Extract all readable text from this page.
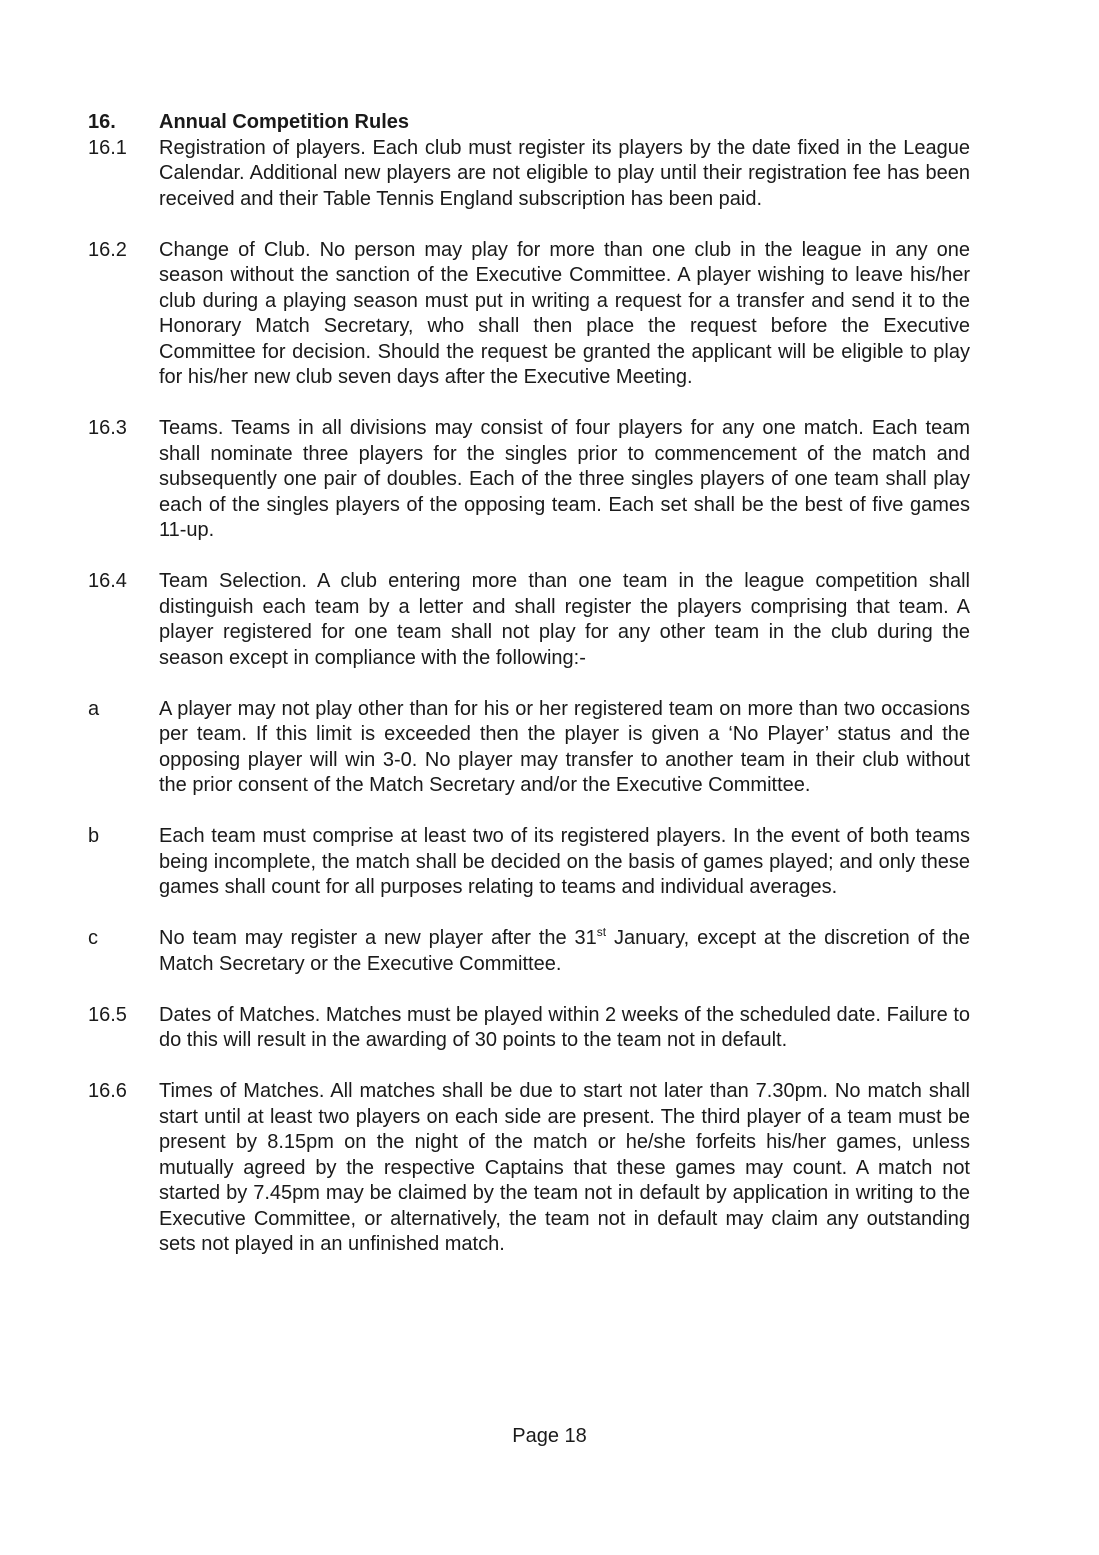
16.	Annual Competition Rules
16.1	Registration of players. Each club must register its players by the date fixed in the League Calendar. Additional new players are not eligible to play until their registration fee has been received and their Table Tennis England subscription has been paid.
16.2	Change of Club. No person may play for more than one club in the league in any one season without the sanction of the Executive Committee. A player wishing to leave his/her club during a playing season must put in writing a request for a transfer and send it to the Honorary Match Secretary, who shall then place the request before the Executive Committee for decision. Should the request be granted the applicant will be eligible to play for his/her new club seven days after the Executive Meeting.
16.3	Teams. Teams in all divisions may consist of four players for any one match. Each team shall nominate three players for the singles prior to commencement of the match and subsequently one pair of doubles. Each of the three singles players of one team shall play each of the singles players of the opposing team. Each set shall be the best of five games 11-up.
16.4	Team Selection. A club entering more than one team in the league competition shall distinguish each team by a letter and shall register the players comprising that team. A player registered for one team shall not play for any other team in the club during the season except in compliance with the following:-
a	A player may not play other than for his or her registered team on more than two occasions per team. If this limit is exceeded then the player is given a ‘No Player’ status and the opposing player will win 3-0. No player may transfer to another team in their club without the prior consent of the Match Secretary and/or the Executive Committee.
b	Each team must comprise at least two of its registered players. In the event of both teams being incomplete, the match shall be decided on the basis of games played; and only these games shall count for all purposes relating to teams and individual averages.
c	No team may register a new player after the 31st January, except at the discretion of the Match Secretary or the Executive Committee.
16.5	Dates of Matches. Matches must be played within 2 weeks of the scheduled date. Failure to do this will result in the awarding of 30 points to the team not in default.
16.6	Times of Matches. All matches shall be due to start not later than 7.30pm. No match shall start until at least two players on each side are present. The third player of a team must be present by 8.15pm on the night of the match or he/she forfeits his/her games, unless mutually agreed by the respective Captains that these games may count. A match not started by 7.45pm may be claimed by the team not in default by application in writing to the Executive Committee, or alternatively, the team not in default may claim any outstanding sets not played in an unfinished match.
Page 18
